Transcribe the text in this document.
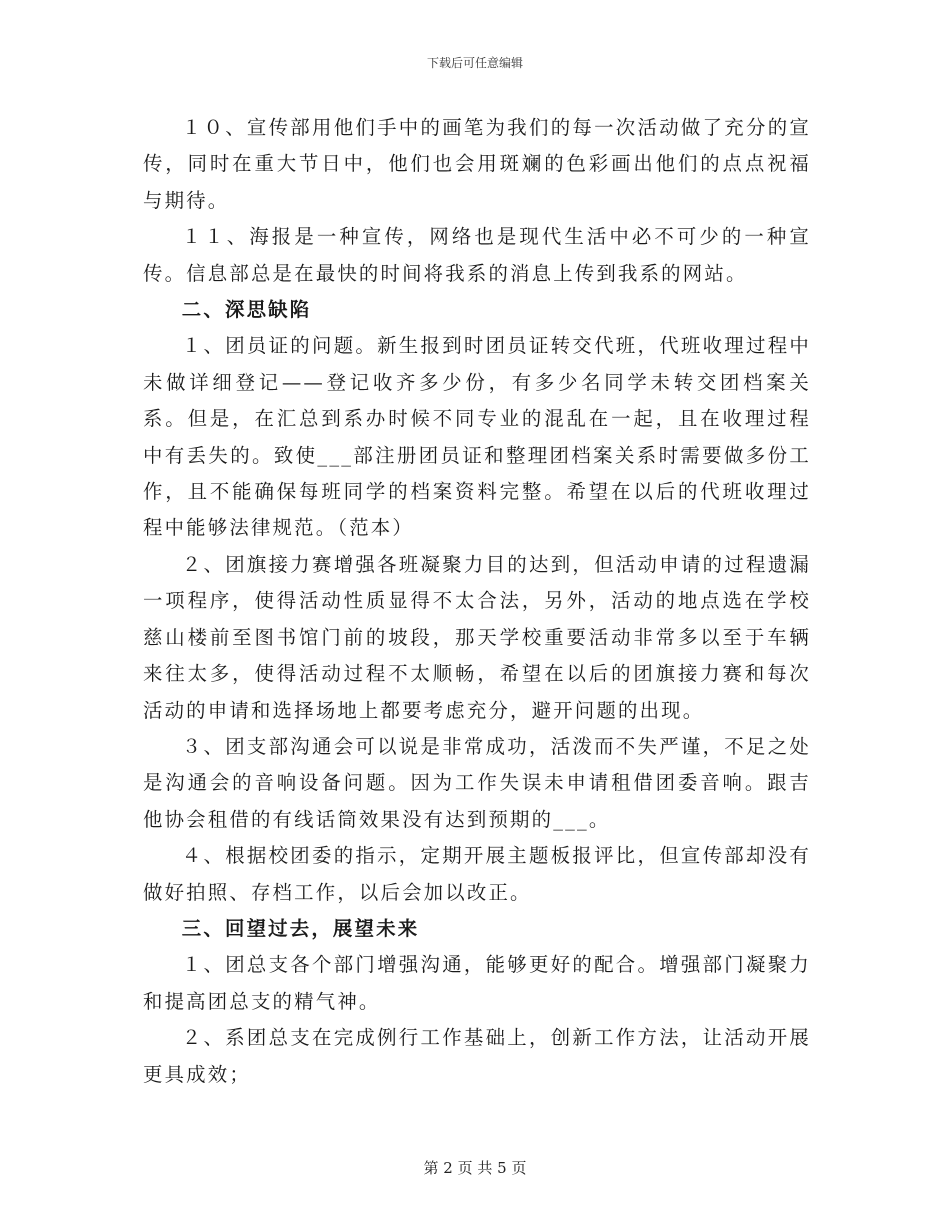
下载后可任意编辑

１０、宣传部用他们手中的画笔为我们的每一次活动做了充分的宣传，同时在重大节日中，他们也会用斑斓的色彩画出他们的点点祝福与期待。

１１、海报是一种宣传，网络也是现代生活中必不可少的一种宣传。信息部总是在最快的时间将我系的消息上传到我系的网站。

二、深思缺陷

１、团员证的问题。新生报到时团员证转交代班，代班收理过程中未做详细登记——登记收齐多少份，有多少名同学未转交团档案关系。但是，在汇总到系办时候不同专业的混乱在一起，且在收理过程中有丢失的。致使___部注册团员证和整理团档案关系时需要做多份工作，且不能确保每班同学的档案资料完整。希望在以后的代班收理过程中能够法律规范。（范本）

２、团旗接力赛增强各班凝聚力目的达到，但活动申请的过程遗漏一项程序，使得活动性质显得不太合法，另外，活动的地点选在学校慈山楼前至图书馆门前的坡段，那天学校重要活动非常多以至于车辆来往太多，使得活动过程不太顺畅，希望在以后的团旗接力赛和每次活动的申请和选择场地上都要考虑充分，避开问题的出现。

３、团支部沟通会可以说是非常成功，活泼而不失严谨，不足之处是沟通会的音响设备问题。因为工作失误未申请租借团委音响。跟吉他协会租借的有线话筒效果没有达到预期的___。

４、根据校团委的指示，定期开展主题板报评比，但宣传部却没有做好拍照、存档工作，以后会加以改正。

三、回望过去，展望未来

１、团总支各个部门增强沟通，能够更好的配合。增强部门凝聚力和提高团总支的精气神。

２、系团总支在完成例行工作基础上，创新工作方法，让活动开展更具成效；

第 2 页 共 5 页
